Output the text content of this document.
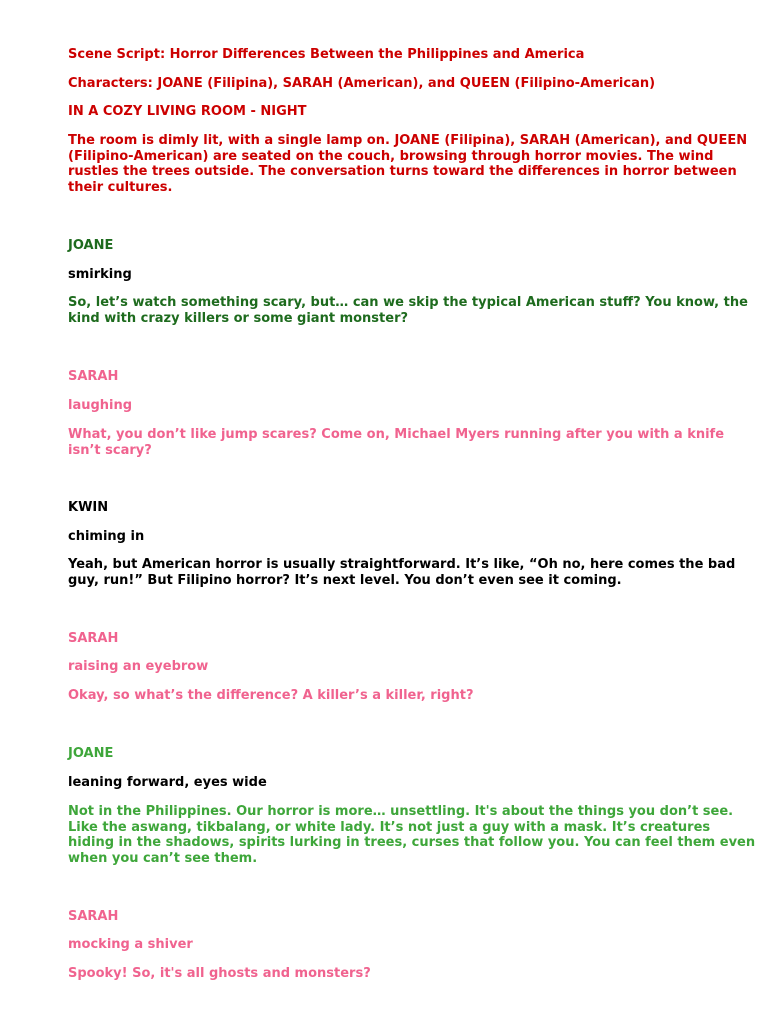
Scene Script: Horror Differences Between the Philippines and America

Characters: JOANE (Filipina), SARAH (American), and QUEEN (Filipino-American)

IN A COZY LIVING ROOM - NIGHT

The room is dimly lit, with a single lamp on. JOANE (Filipina), SARAH (American), and QUEEN (Filipino-American) are seated on the couch, browsing through horror movies. The wind rustles the trees outside. The conversation turns toward the differences in horror between their cultures.

JOANE

smirking

So, let’s watch something scary, but… can we skip the typical American stuff? You know, the kind with crazy killers or some giant monster?

SARAH

laughing

What, you don’t like jump scares? Come on, Michael Myers running after you with a knife isn’t scary?

KWIN

chiming in

Yeah, but American horror is usually straightforward. It’s like, “Oh no, here comes the bad guy, run!” But Filipino horror? It’s next level. You don’t even see it coming.

SARAH

raising an eyebrow

Okay, so what’s the difference? A killer’s a killer, right?

JOANE

leaning forward, eyes wide

Not in the Philippines. Our horror is more… unsettling. It's about the things you don’t see. Like the aswang, tikbalang, or white lady. It’s not just a guy with a mask. It’s creatures hiding in the shadows, spirits lurking in trees, curses that follow you. You can feel them even when you can’t see them.

SARAH

mocking a shiver

Spooky! So, it's all ghosts and monsters?
